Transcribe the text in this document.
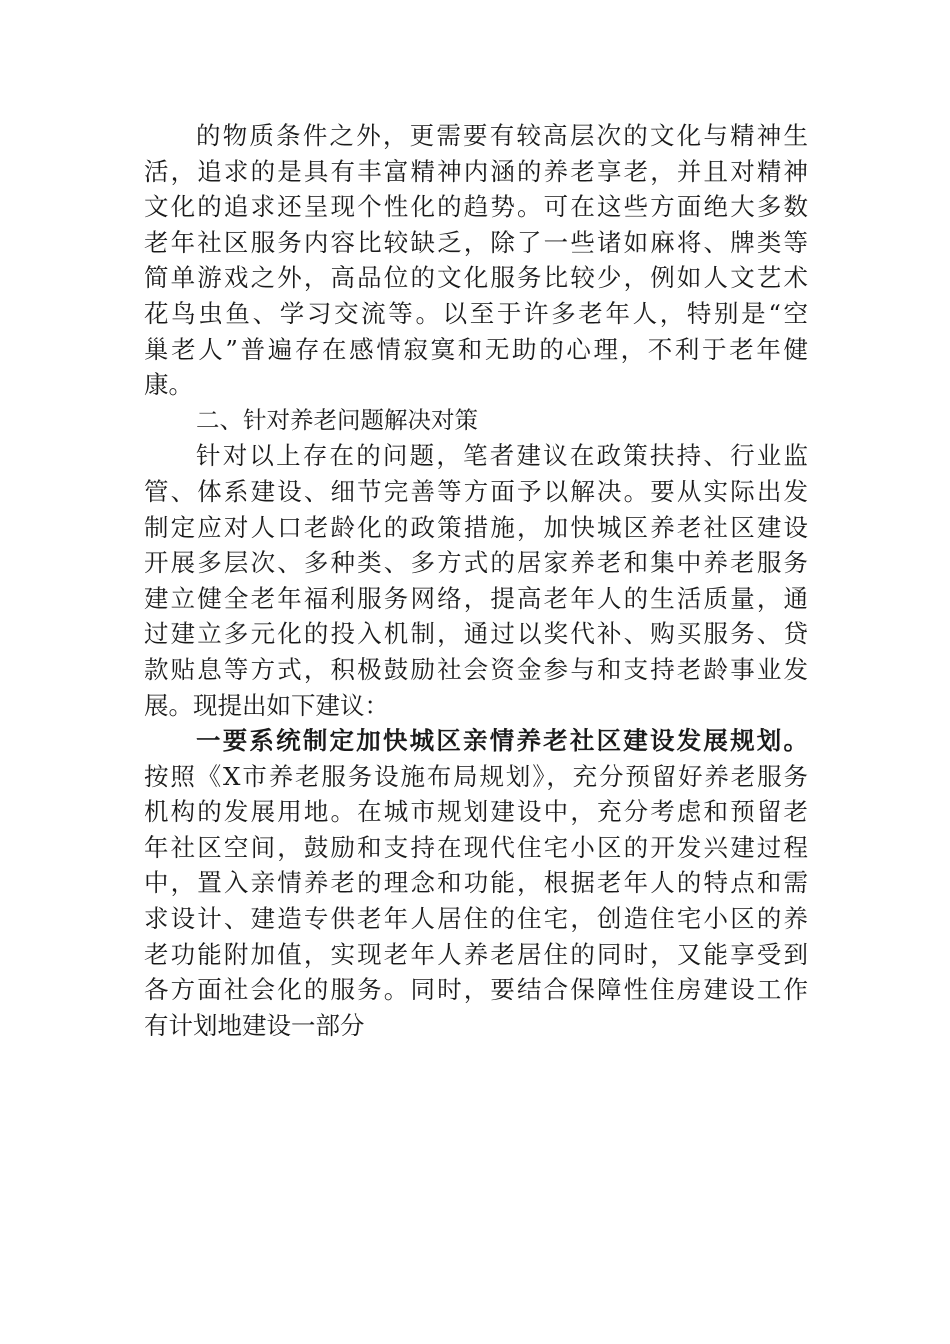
的物质条件之外，更需要有较高层次的文化与精神生
活，追求的是具有丰富精神内涵的养老享老，并且对精神
文化的追求还呈现个性化的趋势。可在这些方面绝大多数
老年社区服务内容比较缺乏，除了一些诸如麻将、牌类等
简单游戏之外，高品位的文化服务比较少，例如人文艺术
花鸟虫鱼、学习交流等。以至于许多老年人，特别是“空
巢老人”普遍存在感情寂寞和无助的心理，不利于老年健
康。
二、针对养老问题解决对策
针对以上存在的问题，笔者建议在政策扶持、行业监
管、体系建设、细节完善等方面予以解决。要从实际出发
制定应对人口老龄化的政策措施，加快城区养老社区建设
开展多层次、多种类、多方式的居家养老和集中养老服务
建立健全老年福利服务网络，提高老年人的生活质量，通
过建立多元化的投入机制，通过以奖代补、购买服务、贷
款贴息等方式，积极鼓励社会资金参与和支持老龄事业发
展。现提出如下建议：
一要系统制定加快城区亲情养老社区建设发展规划。
按照《X市养老服务设施布局规划》，充分预留好养老服务
机构的发展用地。在城市规划建设中，充分考虑和预留老
年社区空间，鼓励和支持在现代住宅小区的开发兴建过程
中，置入亲情养老的理念和功能，根据老年人的特点和需
求设计、建造专供老年人居住的住宅，创造住宅小区的养
老功能附加值，实现老年人养老居住的同时，又能享受到
各方面社会化的服务。同时，要结合保障性住房建设工作
有计划地建设一部分
